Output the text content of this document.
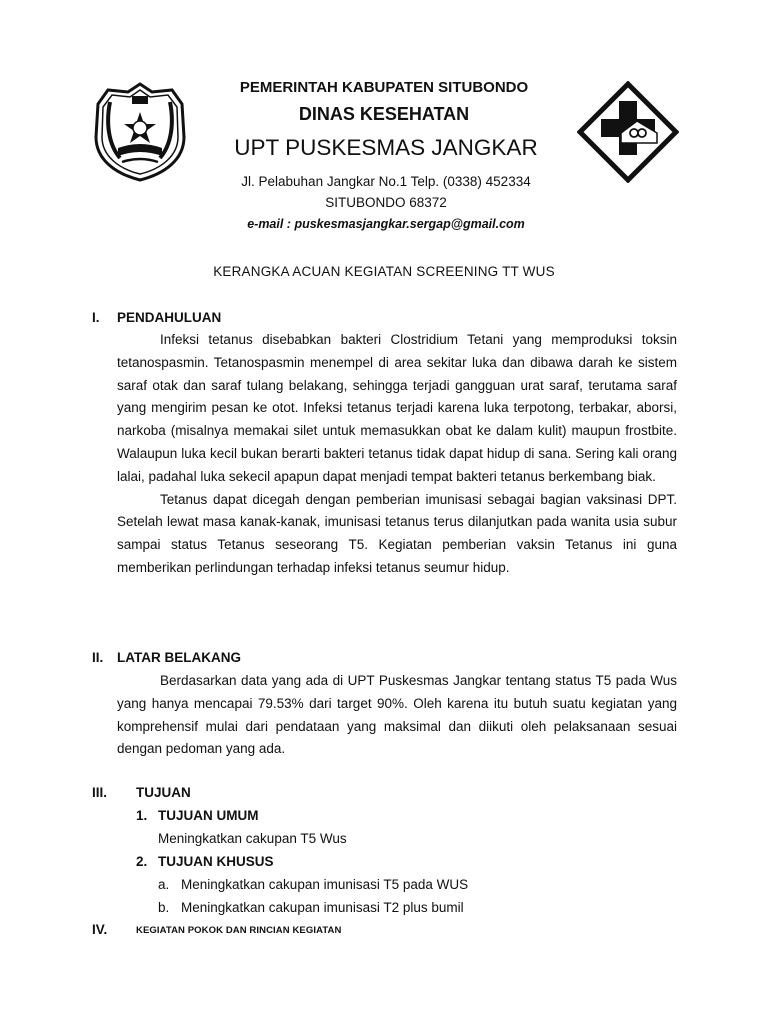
PEMERINTAH KABUPATEN SITUBONDO
DINAS KESEHATAN
UPT PUSKESMAS JANGKAR
Jl. Pelabuhan Jangkar No.1 Telp. (0338) 452334
SITUBONDO 68372
e-mail : puskesmasjangkar.sergap@gmail.com
KERANGKA ACUAN KEGIATAN SCREENING TT WUS
I. PENDAHULUAN

Infeksi tetanus disebabkan bakteri Clostridium Tetani yang memproduksi toksin tetanospasmin. Tetanospasmin menempel di area sekitar luka dan dibawa darah ke sistem saraf otak dan saraf tulang belakang, sehingga terjadi gangguan urat saraf, terutama saraf yang mengirim pesan ke otot. Infeksi tetanus terjadi karena luka terpotong, terbakar, aborsi, narkoba (misalnya memakai silet untuk memasukkan obat ke dalam kulit) maupun frostbite. Walaupun luka kecil bukan berarti bakteri tetanus tidak dapat hidup di sana. Sering kali orang lalai, padahal luka sekecil apapun dapat menjadi tempat bakteri tetanus berkembang biak.

Tetanus dapat dicegah dengan pemberian imunisasi sebagai bagian vaksinasi DPT. Setelah lewat masa kanak-kanak, imunisasi tetanus terus dilanjutkan pada wanita usia subur sampai status Tetanus seseorang T5. Kegiatan pemberian vaksin Tetanus ini guna memberikan perlindungan terhadap infeksi tetanus seumur hidup.

II. LATAR BELAKANG

Berdasarkan data yang ada di UPT Puskesmas Jangkar tentang status T5 pada Wus yang hanya mencapai 79.53% dari target 90%. Oleh karena itu butuh suatu kegiatan yang komprehensif mulai dari pendataan yang maksimal dan diikuti oleh pelaksanaan sesuai dengan pedoman yang ada.

III. TUJUAN
1. TUJUAN UMUM
Meningkatkan cakupan T5 Wus
2. TUJUAN KHUSUS
a. Meningkatkan cakupan imunisasi T5 pada WUS
b. Meningkatkan cakupan imunisasi T2 plus bumil
IV.	KEGIATAN POKOK DAN RINCIAN KEGIATAN
